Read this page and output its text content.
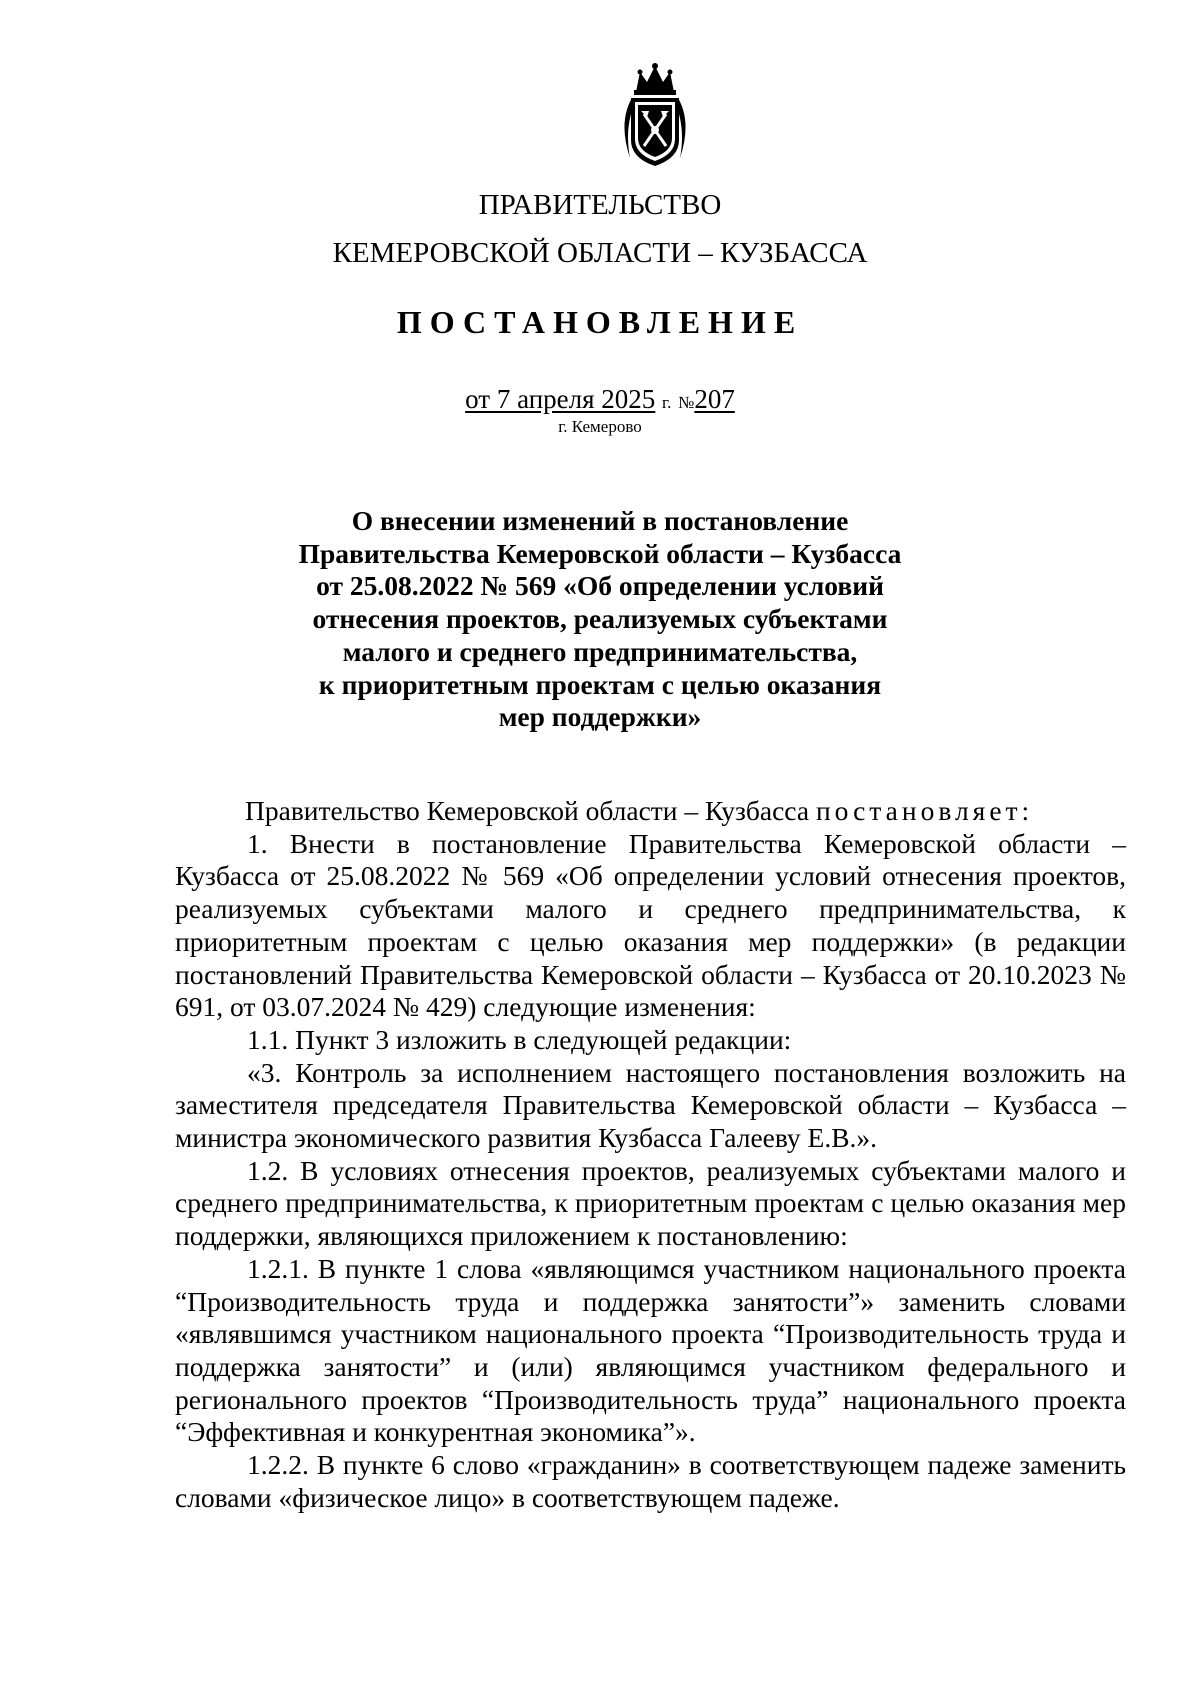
ПРАВИТЕЛЬСТВО
КЕМЕРОВСКОЙ ОБЛАСТИ – КУЗБАССА
ПОСТАНОВЛЕНИЕ
от 7 апреля 2025 г. №207
г. Кемерово
О внесении изменений в постановление
Правительства Кемеровской области – Кузбасса
от 25.08.2022 № 569 «Об определении условий
отнесения проектов, реализуемых субъектами
малого и среднего предпринимательства,
к приоритетным проектам с целью оказания
мер поддержки»

Правительство Кемеровской области – Кузбасса постановляет:

1. Внести в постановление Правительства Кемеровской области – Кузбасса от 25.08.2022 № 569 «Об определении условий отнесения проектов, реализуемых субъектами малого и среднего предпринимательства, к приоритетным проектам с целью оказания мер поддержки» (в редакции постановлений Правительства Кемеровской области – Кузбасса от 20.10.2023 № 691, от 03.07.2024 № 429) следующие изменения:

1.1. Пункт 3 изложить в следующей редакции:

«3. Контроль за исполнением настоящего постановления возложить на заместителя председателя Правительства Кемеровской области – Кузбасса – министра экономического развития Кузбасса Галееву Е.В.».

1.2. В условиях отнесения проектов, реализуемых субъектами малого и среднего предпринимательства, к приоритетным проектам с целью оказания мер поддержки, являющихся приложением к постановлению:

1.2.1. В пункте 1 слова «являющимся участником национального проекта “Производительность труда и поддержка занятости”» заменить словами «являвшимся участником национального проекта “Производительность труда и поддержка занятости” и (или) являющимся участником федерального и регионального проектов “Производительность труда” национального проекта “Эффективная и конкурентная экономика”».

1.2.2. В пункте 6 слово «гражданин» в соответствующем падеже заменить словами «физическое лицо» в соответствующем падеже.
